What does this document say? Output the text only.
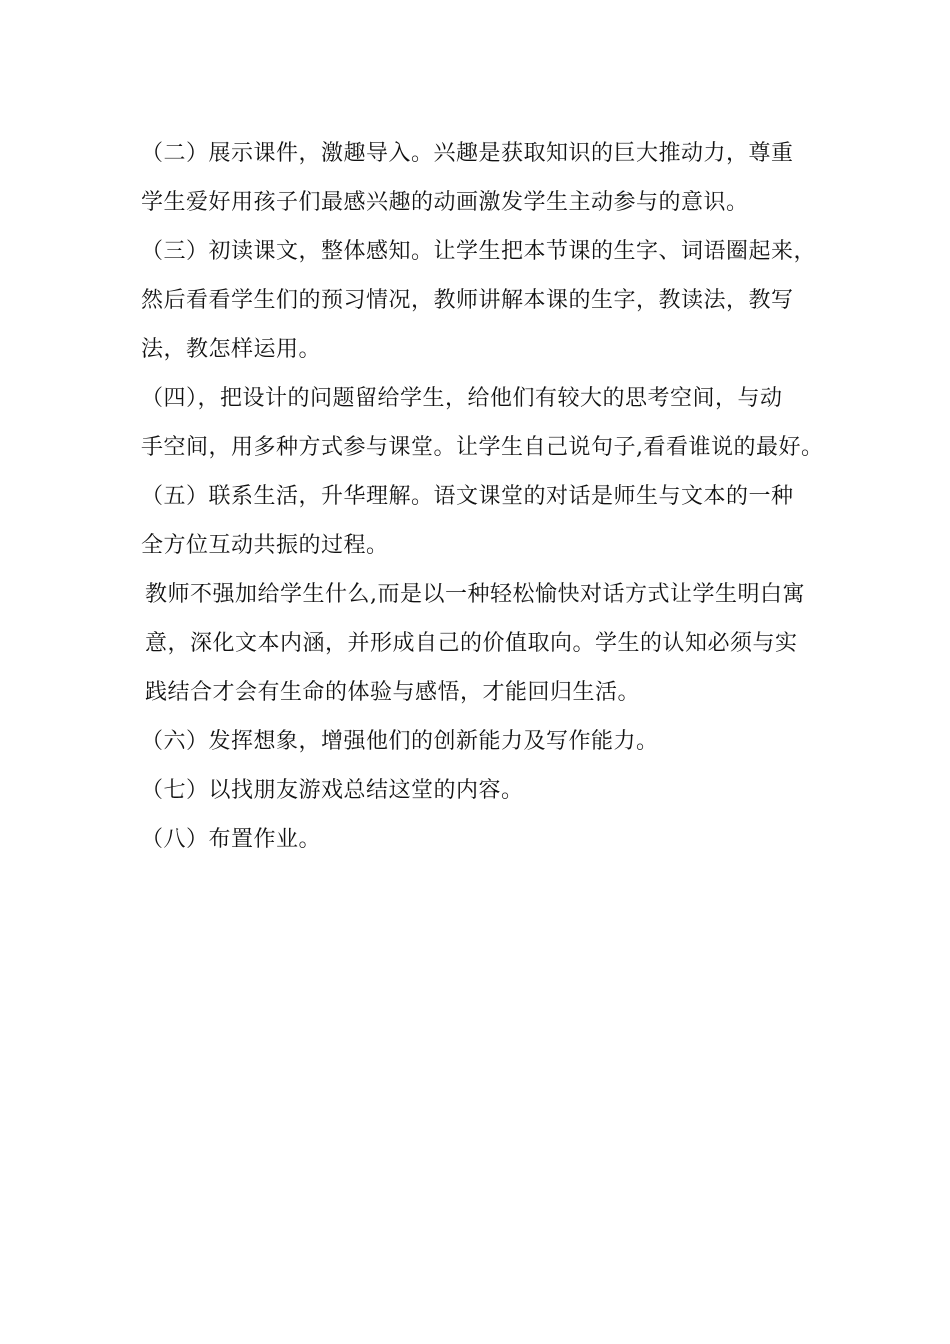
（二）展示课件，激趣导入。兴趣是获取知识的巨大推动力，尊重
学生爱好用孩子们最感兴趣的动画激发学生主动参与的意识。

（三）初读课文，整体感知。让学生把本节课的生字、词语圈起来，
然后看看学生们的预习情况，教师讲解本课的生字，教读法，教写
法，教怎样运用。

（四），把设计的问题留给学生，给他们有较大的思考空间，与动
手空间，用多种方式参与课堂。让学生自己说句子,看看谁说的最好。

（五）联系生活，升华理解。语文课堂的对话是师生与文本的一种
全方位互动共振的过程。

教师不强加给学生什么,而是以一种轻松愉快对话方式让学生明白寓
意，深化文本内涵，并形成自己的价值取向。学生的认知必须与实
践结合才会有生命的体验与感悟，才能回归生活。

（六）发挥想象，增强他们的创新能力及写作能力。

（七）以找朋友游戏总结这堂的内容。

（八）布置作业。
